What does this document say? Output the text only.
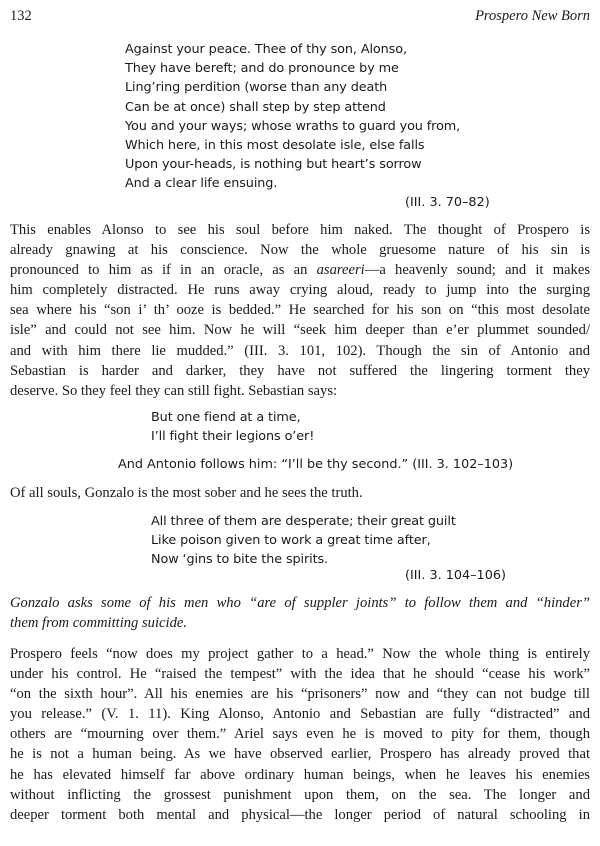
132	Prospero New Born
Against your peace. Thee of thy son, Alonso,
They have bereft; and do pronounce by me
Ling’ring perdition (worse than any death
Can be at once) shall step by step attend
You and your ways; whose wraths to guard you from,
Which here, in this most desolate isle, else falls
Upon your-heads, is nothing but heart’s sorrow
And a clear life ensuing.
(III. 3. 70–82)
This enables Alonso to see his soul before him naked. The thought of Prospero is
already gnawing at his conscience. Now the whole gruesome nature of his sin is
pronounced to him as if in an oracle, as an asareeri—a heavenly sound; and it makes
him completely distracted. He runs away crying aloud, ready to jump into the surging
sea where his “son i’ th’ ooze is bedded.” He searched for his son on “this most desolate
isle” and could not see him. Now he will “seek him deeper than e’er plummet sounded/
and with him there lie mudded.” (III. 3. 101, 102). Though the sin of Antonio and
Sebastian is harder and darker, they have not suffered the lingering torment they
deserve. So they feel they can still fight. Sebastian says:
But one fiend at a time,
I’ll fight their legions o’er!
And Antonio follows him: “I’ll be thy second.” (III. 3. 102–103)
Of all souls, Gonzalo is the most sober and he sees the truth.
All three of them are desperate; their great guilt
Like poison given to work a great time after,
Now ‘gins to bite the spirits.
(III. 3. 104–106)
Gonzalo asks some of his men who “are of suppler joints” to follow them and “hinder”
them from committing suicide.
Prospero feels “now does my project gather to a head.” Now the whole thing is entirely
under his control. He “raised the tempest” with the idea that he should “cease his work”
“on the sixth hour”. All his enemies are his “prisoners” now and “they can not budge till
you release.” (V. 1. 11). King Alonso, Antonio and Sebastian are fully “distracted” and
others are “mourning over them.” Ariel says even he is moved to pity for them, though
he is not a human being. As we have observed earlier, Prospero has already proved that
he has elevated himself far above ordinary human beings, when he leaves his enemies
without inflicting the grossest punishment upon them, on the sea. The longer and
deeper torment both mental and physical—the longer period of natural schooling in
